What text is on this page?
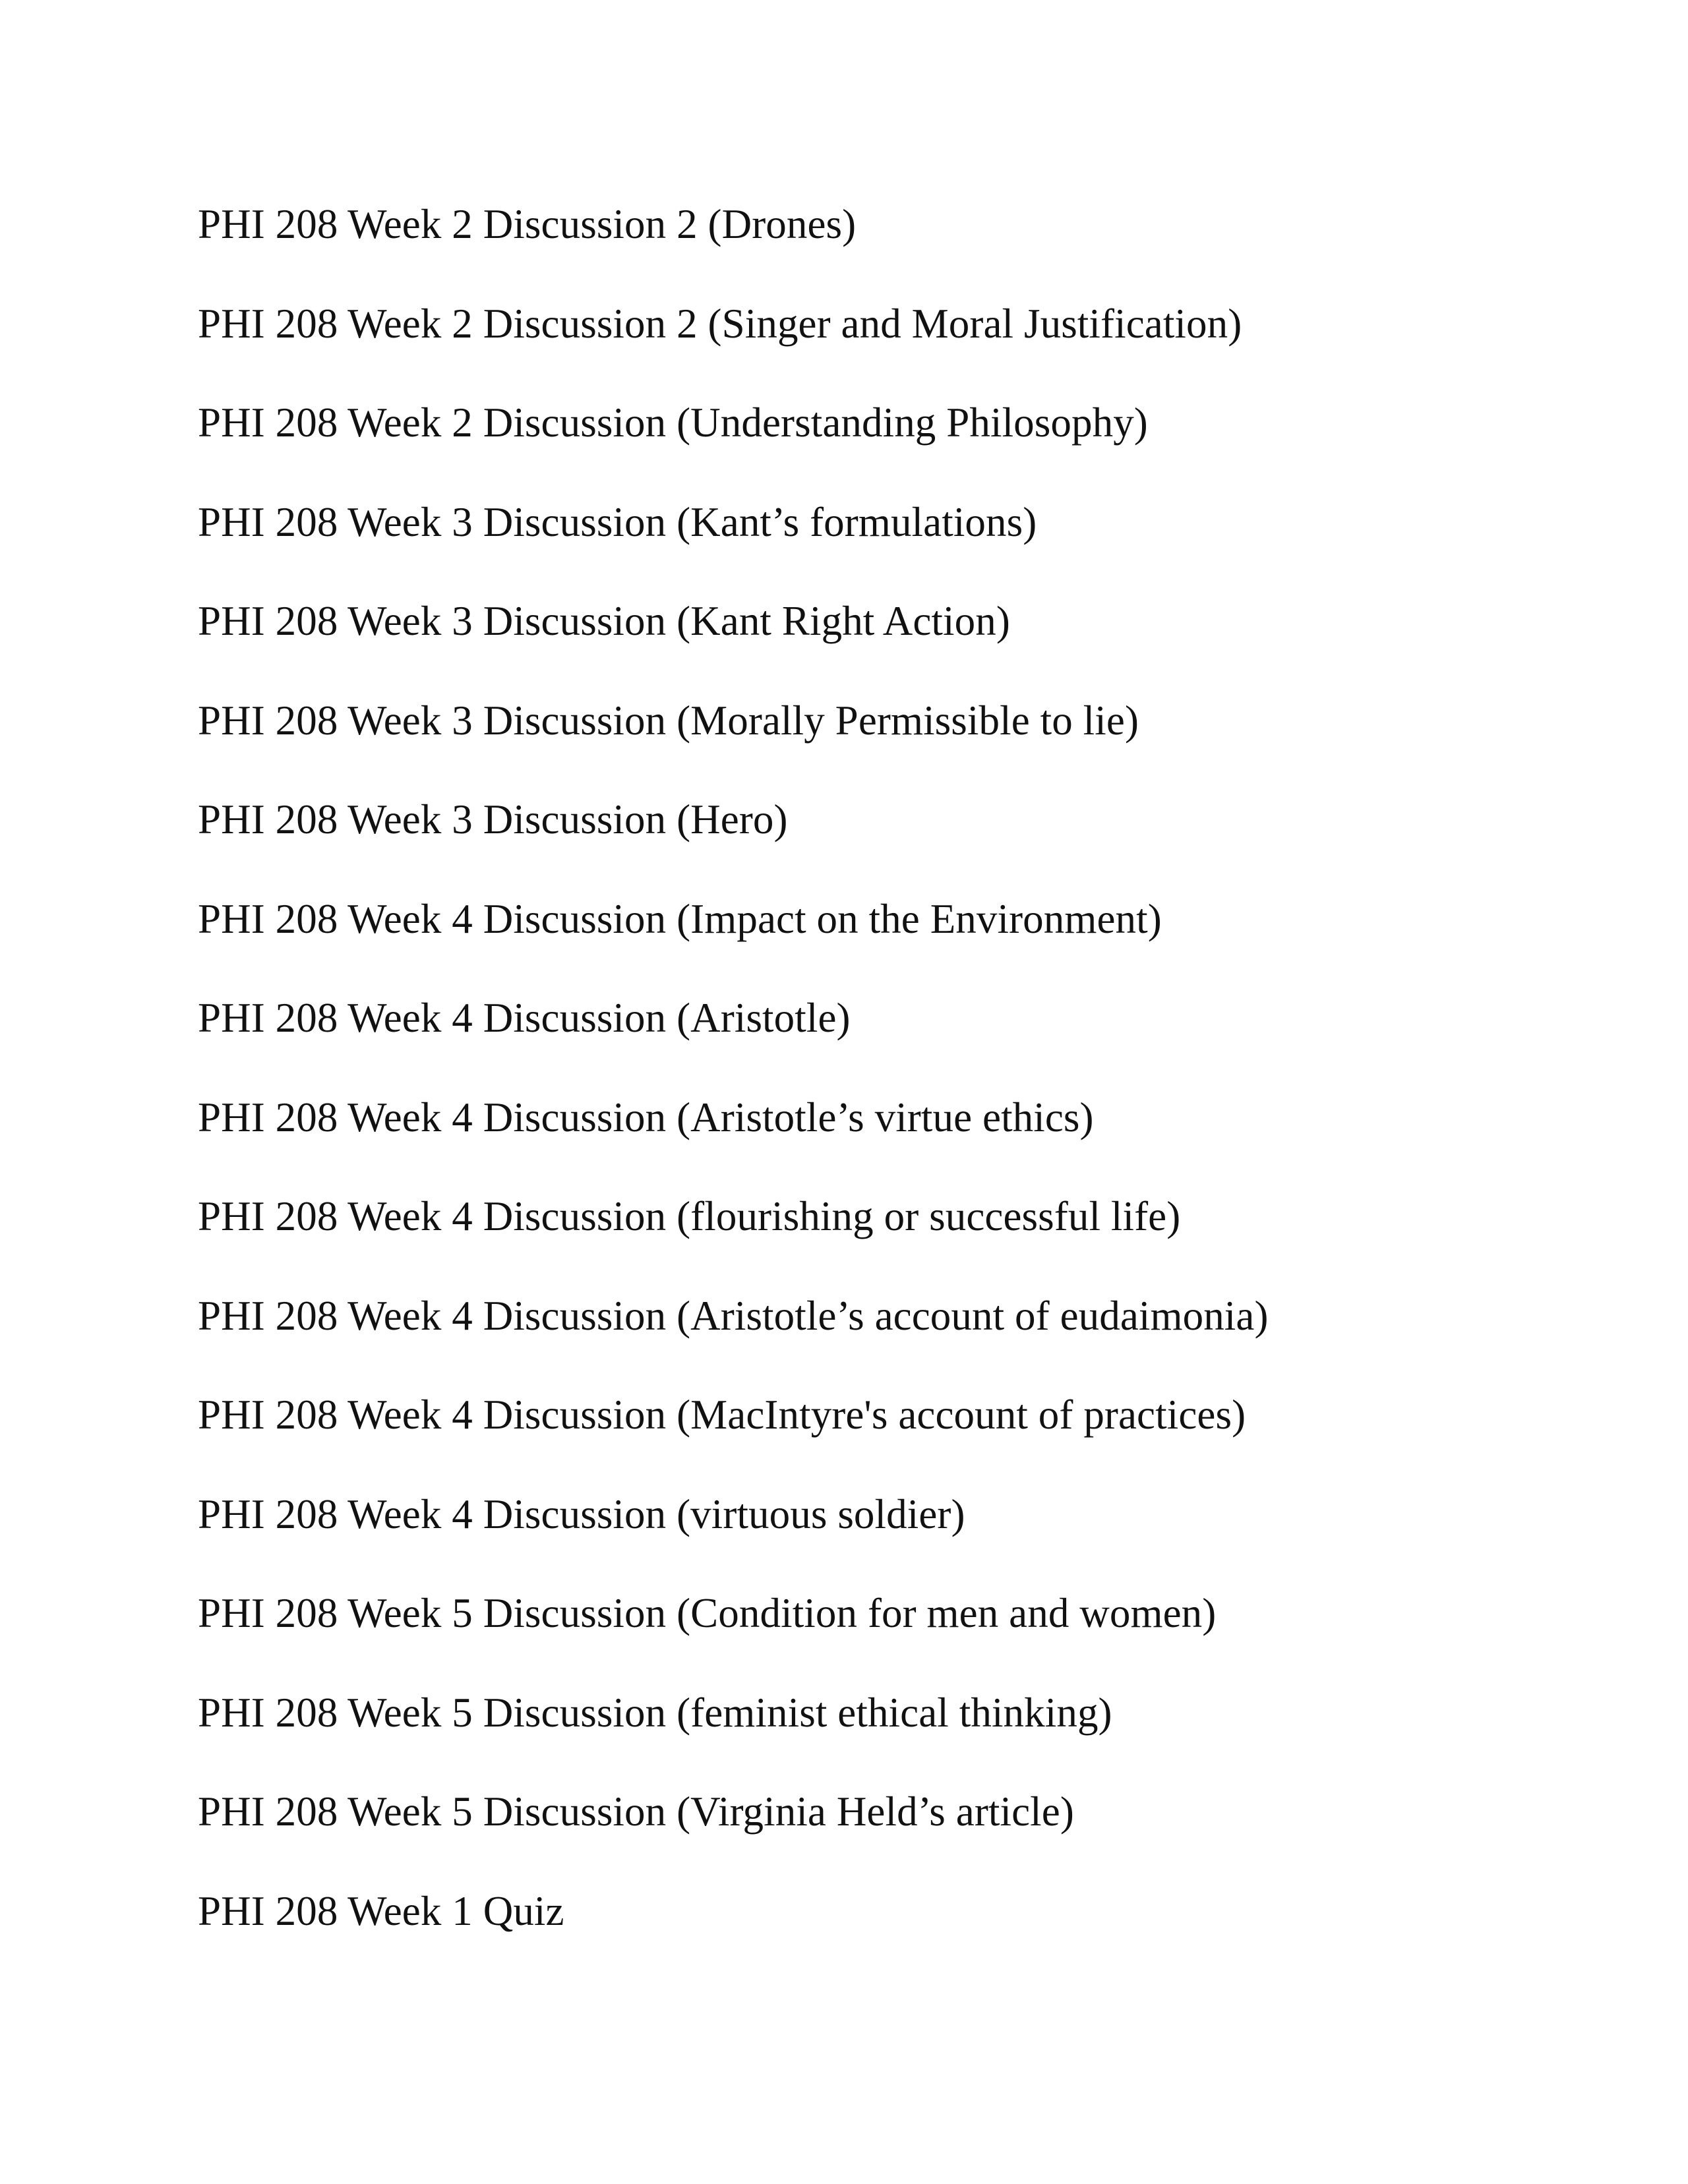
PHI 208 Week 2 Discussion 2 (Drones)
PHI 208 Week 2 Discussion 2 (Singer and Moral Justification)
PHI 208 Week 2 Discussion (Understanding Philosophy)
PHI 208 Week 3 Discussion (Kant’s formulations)
PHI 208 Week 3 Discussion (Kant Right Action)
PHI 208 Week 3 Discussion (Morally Permissible to lie)
PHI 208 Week 3 Discussion (Hero)
PHI 208 Week 4 Discussion (Impact on the Environment)
PHI 208 Week 4 Discussion (Aristotle)
PHI 208 Week 4 Discussion (Aristotle’s virtue ethics)
PHI 208 Week 4 Discussion (flourishing or successful life)
PHI 208 Week 4 Discussion (Aristotle’s account of eudaimonia)
PHI 208 Week 4 Discussion (MacIntyre's account of practices)
PHI 208 Week 4 Discussion (virtuous soldier)
PHI 208 Week 5 Discussion (Condition for men and women)
PHI 208 Week 5 Discussion (feminist ethical thinking)
PHI 208 Week 5 Discussion (Virginia Held’s article)
PHI 208 Week 1 Quiz
